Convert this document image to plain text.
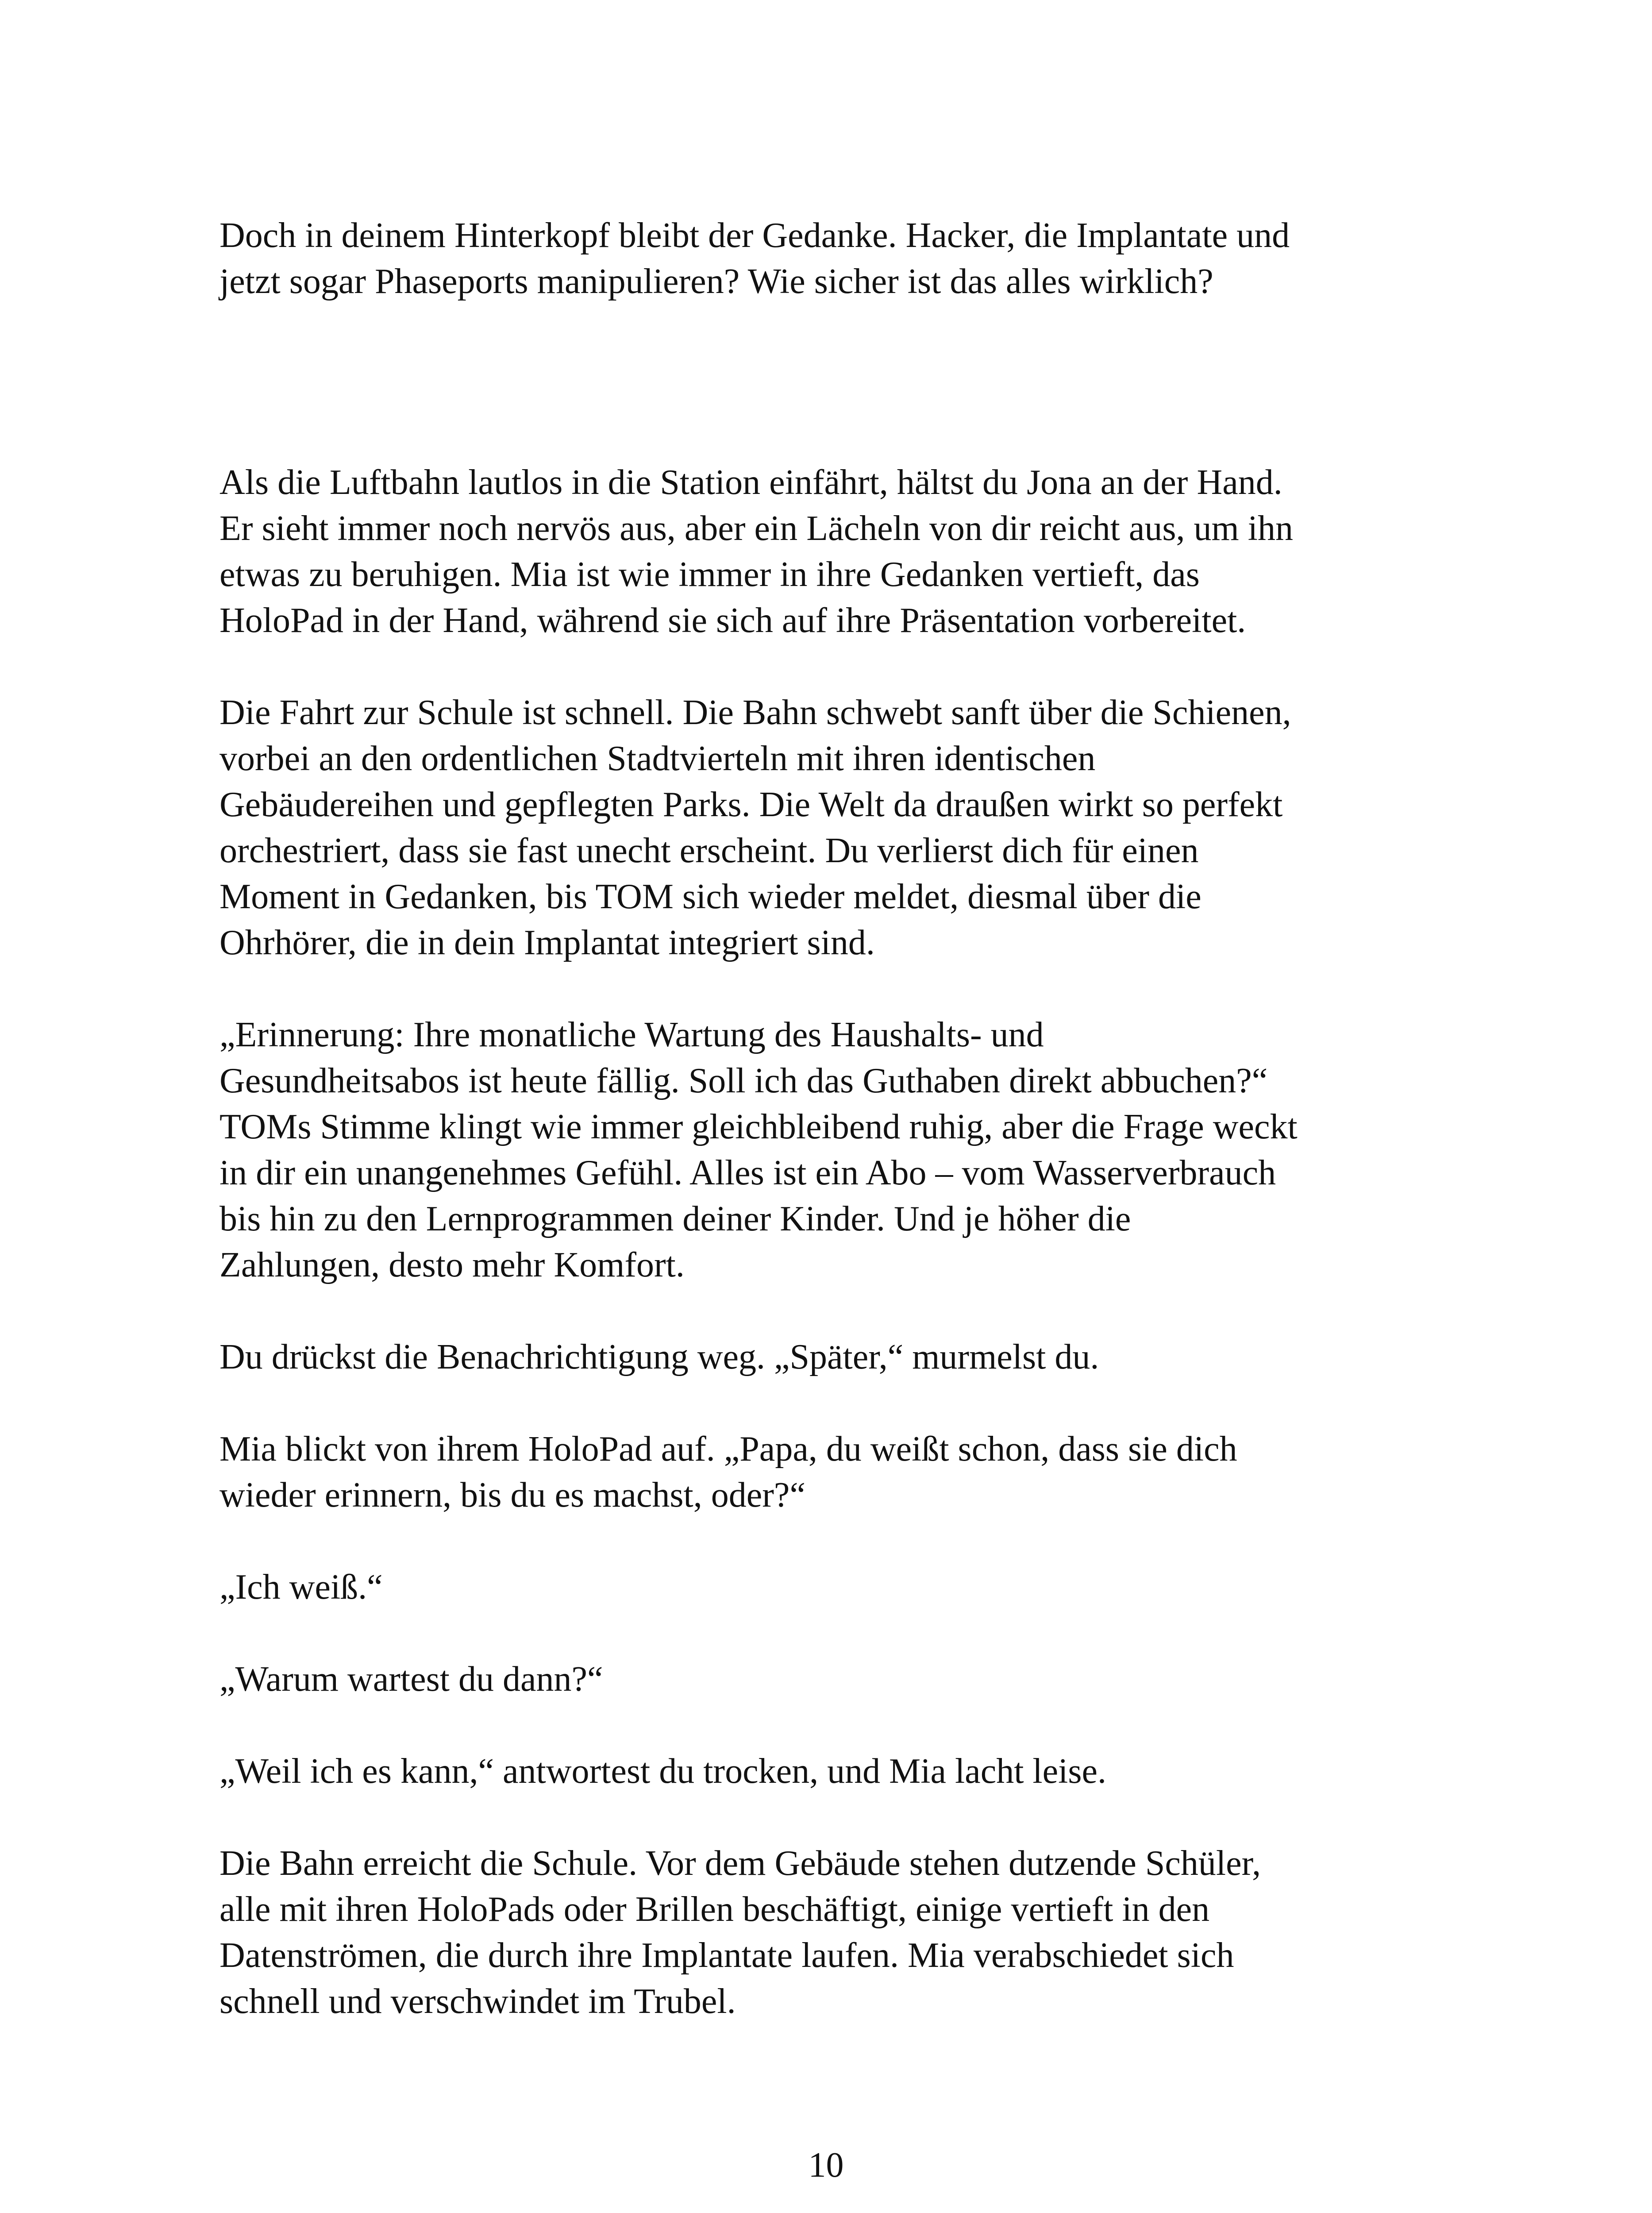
Doch in deinem Hinterkopf bleibt der Gedanke. Hacker, die Implantate und
jetzt sogar Phaseports manipulieren? Wie sicher ist das alles wirklich?

Als die Luftbahn lautlos in die Station einfährt, hältst du Jona an der Hand.
Er sieht immer noch nervös aus, aber ein Lächeln von dir reicht aus, um ihn
etwas zu beruhigen. Mia ist wie immer in ihre Gedanken vertieft, das
HoloPad in der Hand, während sie sich auf ihre Präsentation vorbereitet.

Die Fahrt zur Schule ist schnell. Die Bahn schwebt sanft über die Schienen,
vorbei an den ordentlichen Stadtvierteln mit ihren identischen
Gebäudereihen und gepflegten Parks. Die Welt da draußen wirkt so perfekt
orchestriert, dass sie fast unecht erscheint. Du verlierst dich für einen
Moment in Gedanken, bis TOM sich wieder meldet, diesmal über die
Ohrhörer, die in dein Implantat integriert sind.

„Erinnerung: Ihre monatliche Wartung des Haushalts- und
Gesundheitsabos ist heute fällig. Soll ich das Guthaben direkt abbuchen?“
TOMs Stimme klingt wie immer gleichbleibend ruhig, aber die Frage weckt
in dir ein unangenehmes Gefühl. Alles ist ein Abo – vom Wasserverbrauch
bis hin zu den Lernprogrammen deiner Kinder. Und je höher die
Zahlungen, desto mehr Komfort.

Du drückst die Benachrichtigung weg. „Später,“ murmelst du.

Mia blickt von ihrem HoloPad auf. „Papa, du weißt schon, dass sie dich
wieder erinnern, bis du es machst, oder?“

„Ich weiß.“

„Warum wartest du dann?“

„Weil ich es kann,“ antwortest du trocken, und Mia lacht leise.

Die Bahn erreicht die Schule. Vor dem Gebäude stehen dutzende Schüler,
alle mit ihren HoloPads oder Brillen beschäftigt, einige vertieft in den
Datenströmen, die durch ihre Implantate laufen. Mia verabschiedet sich
schnell und verschwindet im Trubel.

10
